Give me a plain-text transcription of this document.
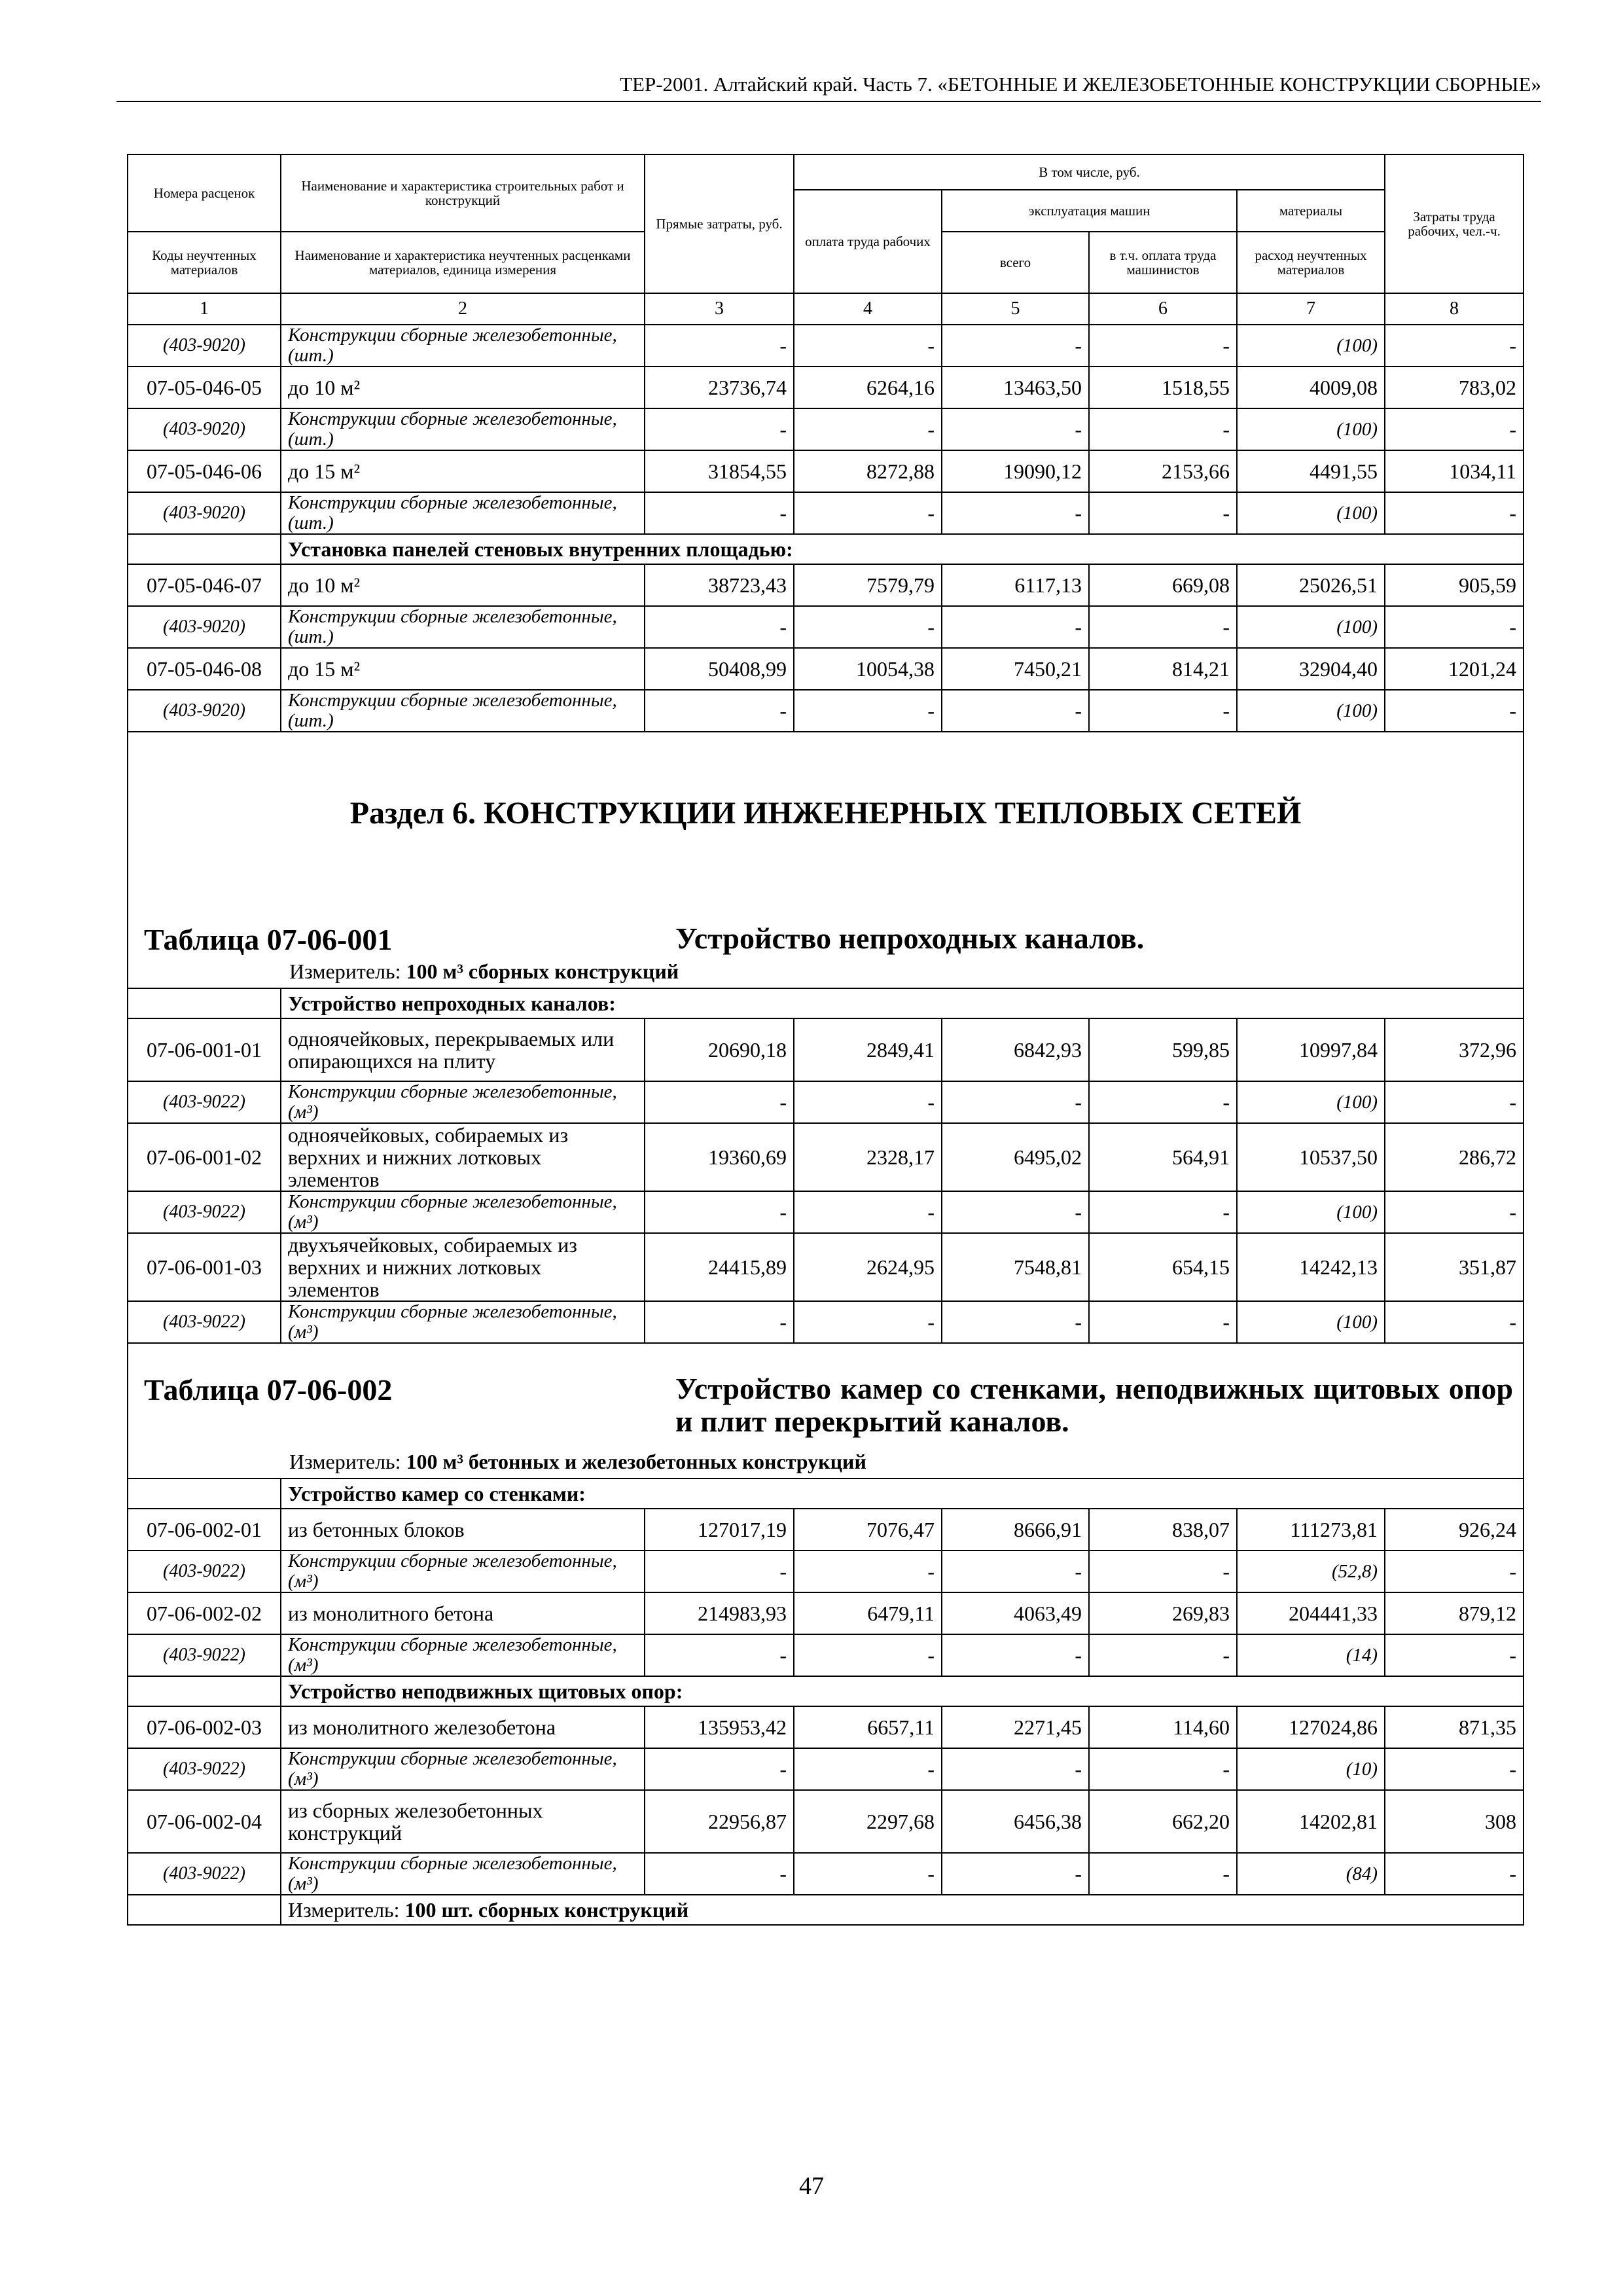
ТЕР-2001. Алтайский край. Часть 7. «БЕТОННЫЕ И ЖЕЛЕЗОБЕТОННЫЕ КОНСТРУКЦИИ СБОРНЫЕ»
Номера расценок	Наименование и характеристика строительных работ и конструкций	Прямые затраты, руб.	В том числе, руб.				Затраты труда рабочих, чел.-ч.
			оплата труда рабочих	эксплуатация машин		материалы	
Коды неучтенных материалов	Наименование и характеристика неучтенных расценками материалов, единица измерения			всего	в т.ч. оплата труда машинистов	расход неучтенных материалов	
1	2	3	4	5	6	7	8
(403-9020)	Конструкции сборные железобетонные, (шт.)	-	-	-	-	(100)	-
07-05-046-05	до 10 м²	23736,74	6264,16	13463,50	1518,55	4009,08	783,02
(403-9020)	Конструкции сборные железобетонные, (шт.)	-	-	-	-	(100)	-
07-05-046-06	до 15 м²	31854,55	8272,88	19090,12	2153,66	4491,55	1034,11
(403-9020)	Конструкции сборные железобетонные, (шт.)	-	-	-	-	(100)	-
	Установка панелей стеновых внутренних площадью:						
07-05-046-07	до 10 м²	38723,43	7579,79	6117,13	669,08	25026,51	905,59
(403-9020)	Конструкции сборные железобетонные, (шт.)	-	-	-	-	(100)	-
07-05-046-08	до 15 м²	50408,99	10054,38	7450,21	814,21	32904,40	1201,24
(403-9020)	Конструкции сборные железобетонные, (шт.)	-	-	-	-	(100)	-

Раздел 6. КОНСТРУКЦИИ ИНЖЕНЕРНЫХ ТЕПЛОВЫХ СЕТЕЙ
Таблица 07-06-001 Устройство непроходных каналов.
Измеритель: 100 м³ сборных конструкций							

	Устройство непроходных каналов:						
07-06-001-01	одноячейковых, перекрываемых или опирающихся на плиту	20690,18	2849,41	6842,93	599,85	10997,84	372,96
(403-9022)	Конструкции сборные железобетонные, (м³)	-	-	-	-	(100)	-
07-06-001-02	одноячейковых, собираемых из верхних и нижних лотковых элементов	19360,69	2328,17	6495,02	564,91	10537,50	286,72
(403-9022)	Конструкции сборные железобетонные, (м³)	-	-	-	-	(100)	-
07-06-001-03	двухъячейковых, собираемых из верхних и нижних лотковых элементов	24415,89	2624,95	7548,81	654,15	14242,13	351,87
(403-9022)	Конструкции сборные железобетонные, (м³)	-	-	-	-	(100)	-

Таблица 07-06-002 Устройство камер со стенками, неподвижных щитовых опор и плит перекрытий каналов.
Измеритель: 100 м³ бетонных и железобетонных конструкций							

	Устройство камер со стенками:						
07-06-002-01	из бетонных блоков	127017,19	7076,47	8666,91	838,07	111273,81	926,24
(403-9022)	Конструкции сборные железобетонные, (м³)	-	-	-	-	(52,8)	-
07-06-002-02	из монолитного бетона	214983,93	6479,11	4063,49	269,83	204441,33	879,12
(403-9022)	Конструкции сборные железобетонные, (м³)	-	-	-	-	(14)	-
	Устройство неподвижных щитовых опор:						
07-06-002-03	из монолитного железобетона	135953,42	6657,11	2271,45	114,60	127024,86	871,35
(403-9022)	Конструкции сборные железобетонные, (м³)	-	-	-	-	(10)	-
07-06-002-04	из сборных железобетонных конструкций	22956,87	2297,68	6456,38	662,20	14202,81	308
(403-9022)	Конструкции сборные железобетонные, (м³)	-	-	-	-	(84)	-
	Измеритель: 100 шт. сборных конструкций						
47
